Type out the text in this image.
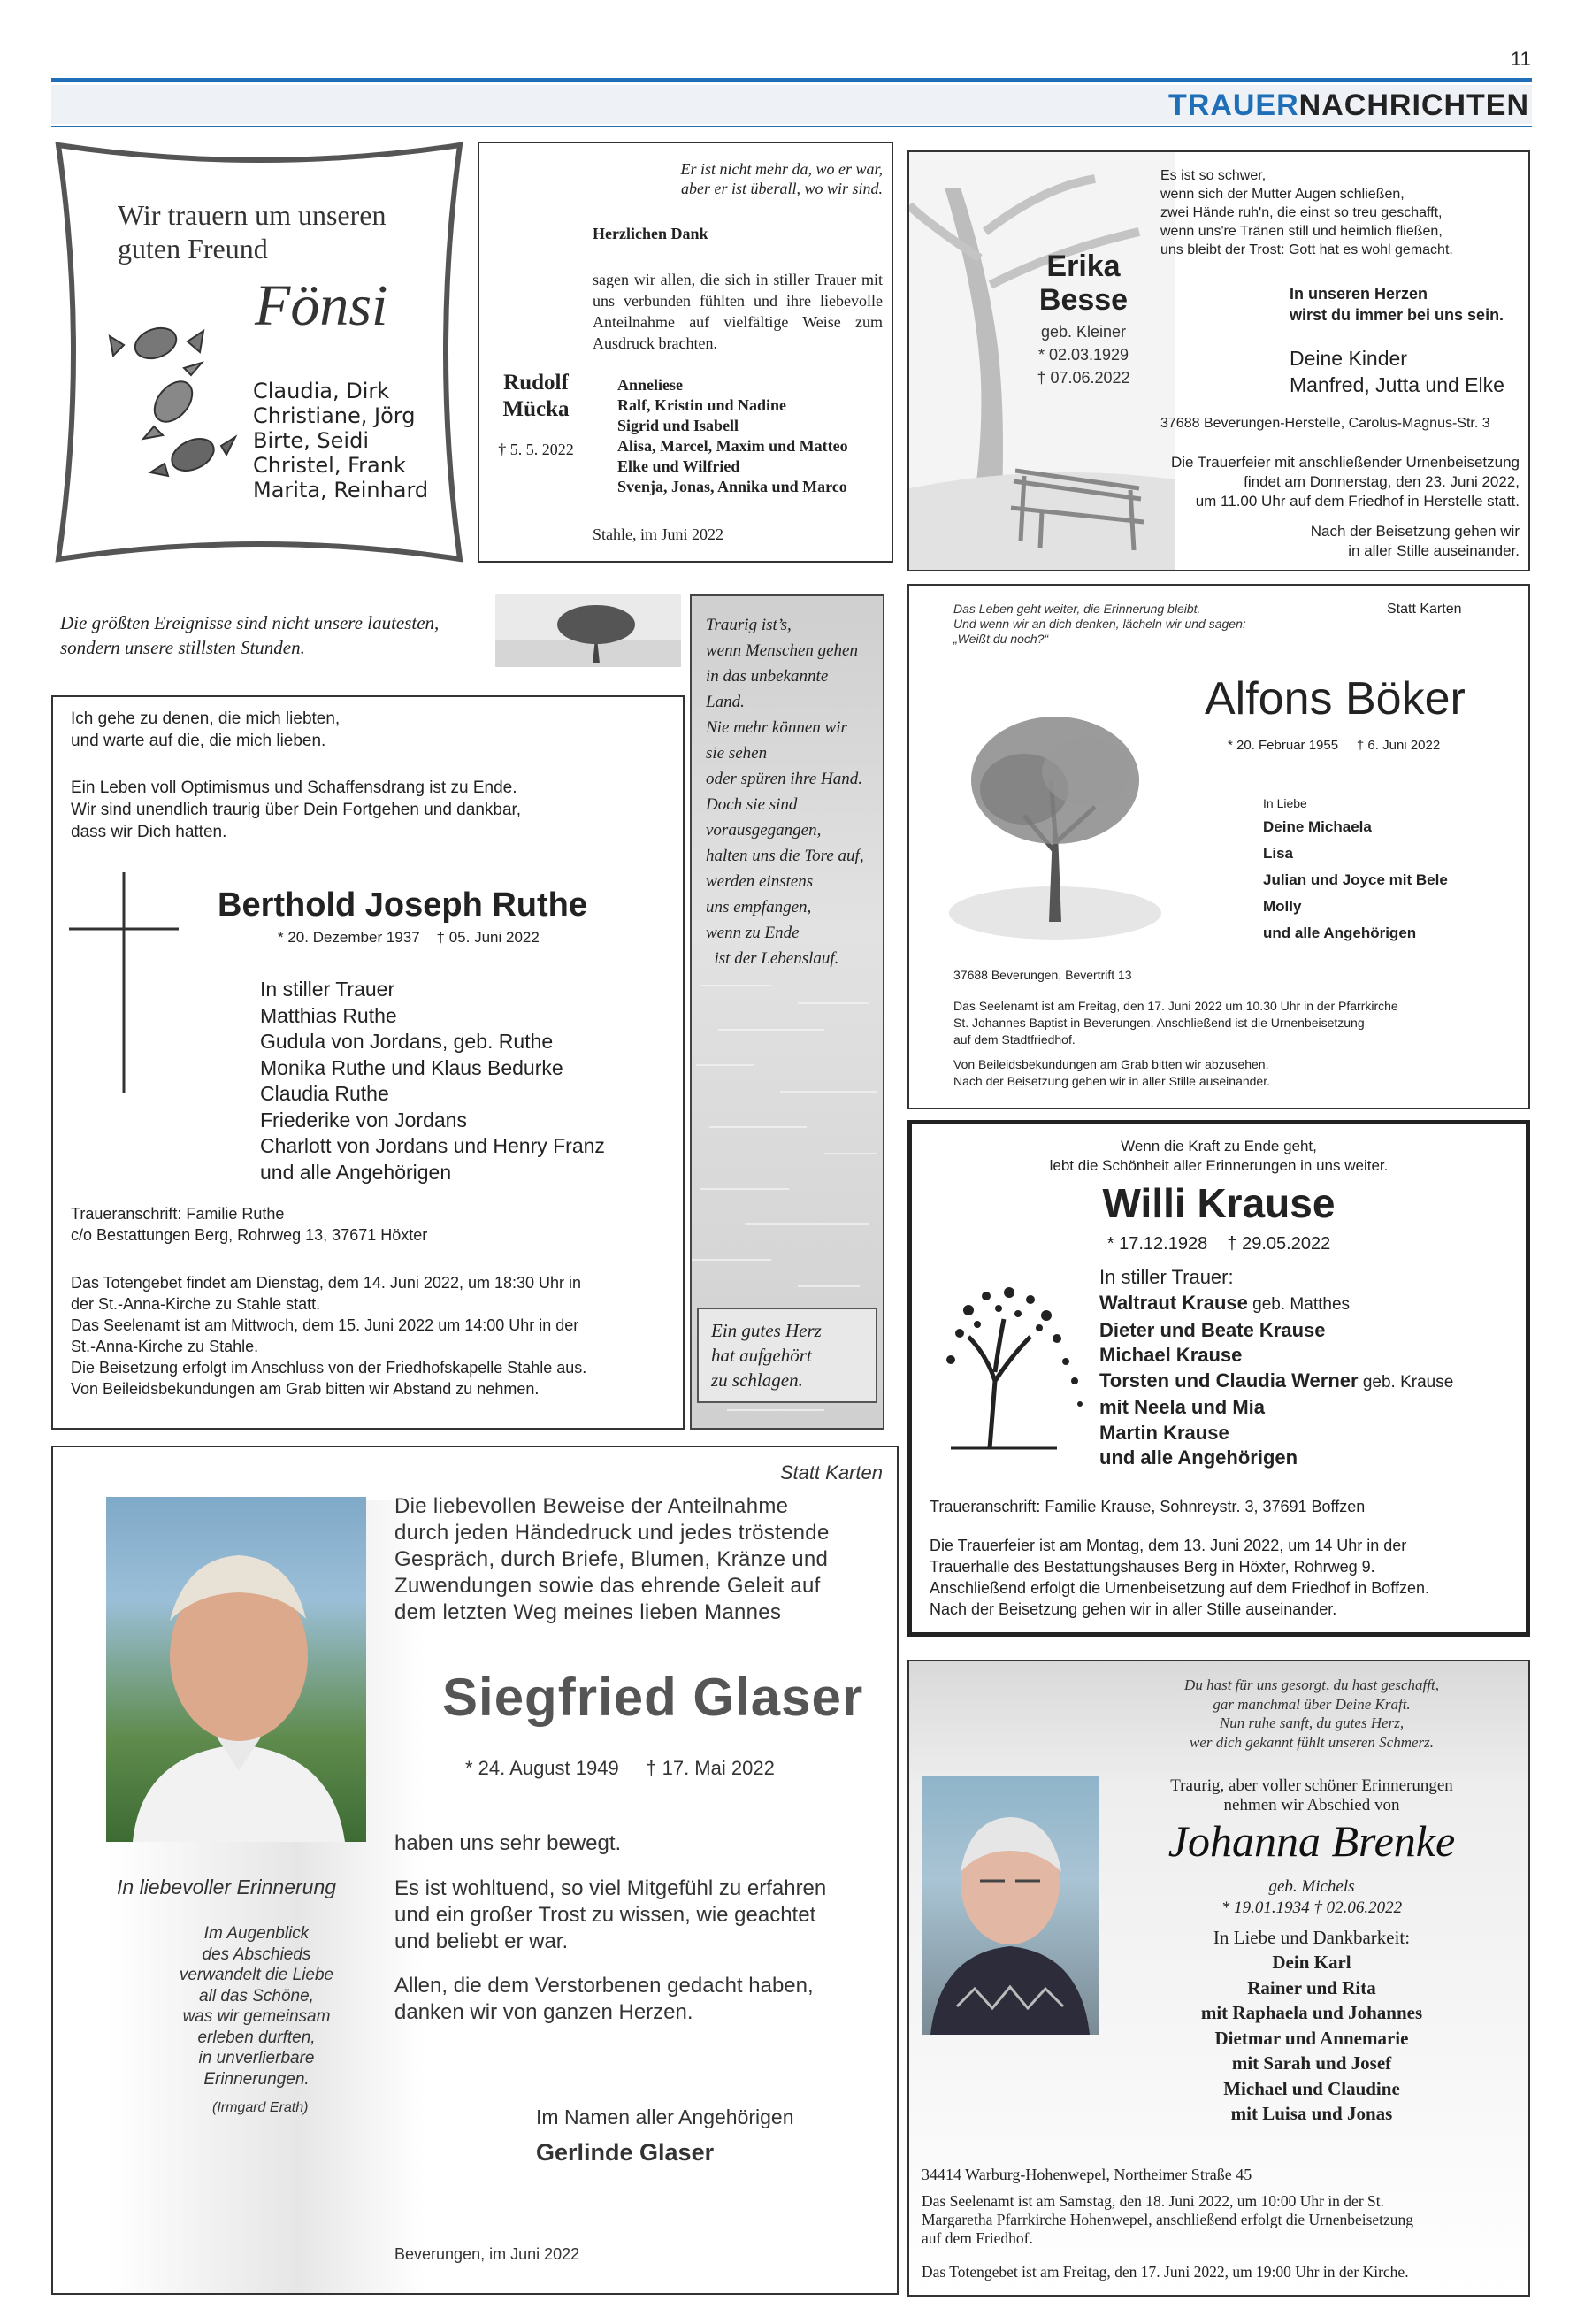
11
TRAUERNACHRICHTEN
Wir trauern um unseren
guten Freund
Fönsi
Claudia, Dirk
Christiane, Jörg
Birte, Seidi
Christel, Frank
Marita, Reinhard
Er ist nicht mehr da, wo er war,
aber er ist überall, wo wir sind.
Herzlichen Dank
sagen wir allen, die sich in stiller Trauer mit uns verbunden fühlten und ihre liebevolle Anteilnahme auf vielfältige Weise zum Ausdruck brachten.
Rudolf
Mücka
† 5. 5. 2022
Anneliese
Ralf, Kristin und Nadine
Sigrid und Isabell
Alisa, Marcel, Maxim und Matteo
Elke und Wilfried
Svenja, Jonas, Annika und Marco
Stahle, im Juni 2022
Erika
Besse
geb. Kleiner
* 02.03.1929
† 07.06.2022
Es ist so schwer,
wenn sich der Mutter Augen schließen,
zwei Hände ruh'n, die einst so treu geschafft,
wenn uns're Tränen still und heimlich fließen,
uns bleibt der Trost: Gott hat es wohl gemacht.
In unseren Herzen
wirst du immer bei uns sein.
Deine Kinder
Manfred, Jutta und Elke
37688 Beverungen-Herstelle, Carolus-Magnus-Str. 3
Die Trauerfeier mit anschließender Urnenbeisetzung
findet am Donnerstag, den 23. Juni 2022,
um 11.00 Uhr auf dem Friedhof in Herstelle statt.
Nach der Beisetzung gehen wir
in aller Stille auseinander.
Die größten Ereignisse sind nicht unsere lautesten,
sondern unsere stillsten Stunden.
Ich gehe zu denen, die mich liebten,
und warte auf die, die mich lieben.
Ein Leben voll Optimismus und Schaffensdrang ist zu Ende.
Wir sind unendlich traurig über Dein Fortgehen und dankbar,
dass wir Dich hatten.
Berthold Joseph Ruthe
* 20. Dezember 1937    † 05. Juni 2022
In stiller Trauer
Matthias Ruthe
Gudula von Jordans, geb. Ruthe
Monika Ruthe und Klaus Bedurke
Claudia Ruthe
Friederike von Jordans
Charlott von Jordans und Henry Franz
und alle Angehörigen
Traueranschrift: Familie Ruthe
c/o Bestattungen Berg, Rohrweg 13, 37671 Höxter
Das Totengebet findet am Dienstag, dem 14. Juni 2022, um 18:30 Uhr in
der St.-Anna-Kirche zu Stahle statt.
Das Seelenamt ist am Mittwoch, dem 15. Juni 2022 um 14:00 Uhr in der
St.-Anna-Kirche zu Stahle.
Die Beisetzung erfolgt im Anschluss von der Friedhofskapelle Stahle aus.
Von Beileidsbekundungen am Grab bitten wir Abstand zu nehmen.
Traurig ist’s,
wenn Menschen gehen
in das unbekannte
Land.
Nie mehr können wir
sie sehen
oder spüren ihre Hand.
Doch sie sind
vorausgegangen,
halten uns die Tore auf,
werden einstens
uns empfangen,
wenn zu Ende
ist der Lebenslauf.
Ein gutes Herz
hat aufgehört
zu schlagen.
Das Leben geht weiter, die Erinnerung bleibt.
Und wenn wir an dich denken, lächeln wir und sagen:
„Weißt du noch?“
Statt Karten
Alfons Böker
* 20. Februar 1955     † 6. Juni 2022
In Liebe
Deine Michaela
Lisa
Julian und Joyce mit Bele
Molly
und alle Angehörigen
37688 Beverungen, Bevertrift 13
Das Seelenamt ist am Freitag, den 17. Juni 2022 um 10.30 Uhr in der Pfarrkirche
St. Johannes Baptist in Beverungen. Anschließend ist die Urnenbeisetzung
auf dem Stadtfriedhof.
Von Beileidsbekundungen am Grab bitten wir abzusehen.
Nach der Beisetzung gehen wir in aller Stille auseinander.
Wenn die Kraft zu Ende geht,
lebt die Schönheit aller Erinnerungen in uns weiter.
Willi Krause
* 17.12.1928    † 29.05.2022
In stiller Trauer:
Waltraut Krause geb. Matthes
Dieter und Beate Krause
Michael Krause
Torsten und Claudia Werner geb. Krause
mit Neela und Mia
Martin Krause
und alle Angehörigen
Traueranschrift: Familie Krause, Sohnreystr. 3, 37691 Boffzen
Die Trauerfeier ist am Montag, dem 13. Juni 2022, um 14 Uhr in der
Trauerhalle des Bestattungshauses Berg in Höxter, Rohrweg 9.
Anschließend erfolgt die Urnenbeisetzung auf dem Friedhof in Boffzen.
Nach der Beisetzung gehen wir in aller Stille auseinander.
Statt Karten
Die liebevollen Beweise der Anteilnahme
durch jeden Händedruck und jedes tröstende
Gespräch, durch Briefe, Blumen, Kränze und
Zuwendungen sowie das ehrende Geleit auf
dem letzten Weg meines lieben Mannes
Siegfried Glaser
* 24. August 1949     † 17. Mai 2022
haben uns sehr bewegt.
Es ist wohltuend, so viel Mitgefühl zu erfahren
und ein großer Trost zu wissen, wie geachtet
und beliebt er war.
Allen, die dem Verstorbenen gedacht haben,
danken wir von ganzen Herzen.
Im Namen aller Angehörigen
Gerlinde Glaser
Beverungen, im Juni 2022
In liebevoller Erinnerung
Im Augenblick
des Abschieds
verwandelt die Liebe
all das Schöne,
was wir gemeinsam
erleben durften,
in unverlierbare
Erinnerungen.
(Irmgard Erath)
Du hast für uns gesorgt, du hast geschafft,
gar manchmal über Deine Kraft.
Nun ruhe sanft, du gutes Herz,
wer dich gekannt fühlt unseren Schmerz.
Traurig, aber voller schöner Erinnerungen
nehmen wir Abschied von
Johanna Brenke
geb. Michels
* 19.01.1934 † 02.06.2022
In Liebe und Dankbarkeit:
Dein Karl
Rainer und Rita
mit Raphaela und Johannes
Dietmar und Annemarie
mit Sarah und Josef
Michael und Claudine
mit Luisa und Jonas
34414 Warburg-Hohenwepel, Northeimer Straße 45
Das Seelenamt ist am Samstag, den 18. Juni 2022, um 10:00 Uhr in der St.
Margaretha Pfarrkirche Hohenwepel, anschließend erfolgt die Urnenbeisetzung
auf dem Friedhof.
Das Totengebet ist am Freitag, den 17. Juni 2022, um 19:00 Uhr in der Kirche.
